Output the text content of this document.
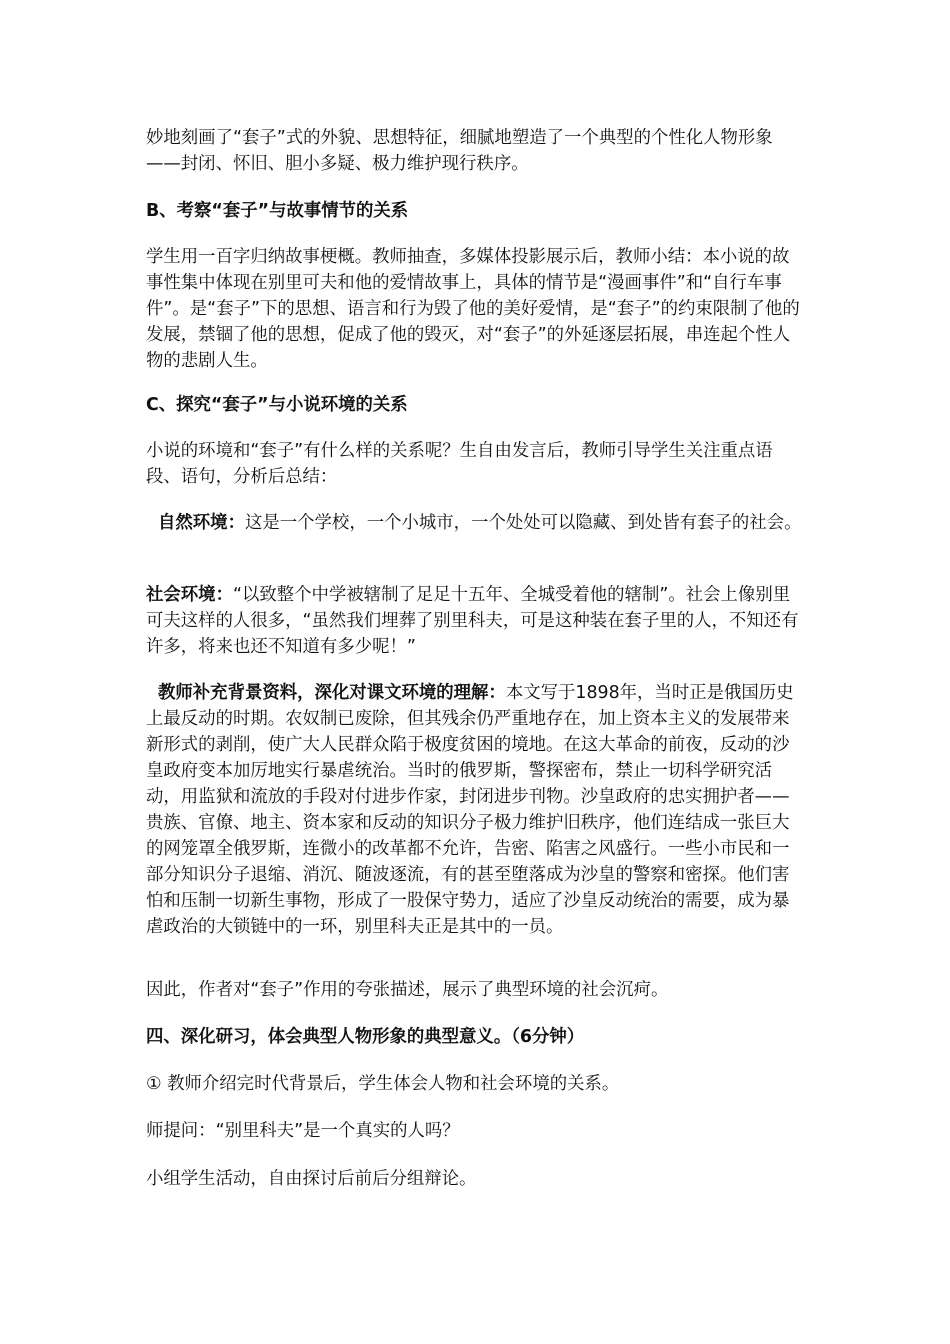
妙地刻画了“套子”式的外貌、思想特征，细腻地塑造了一个典型的个性化人物形象——封闭、怀旧、胆小多疑、极力维护现行秩序。

B、考察“套子”与故事情节的关系

学生用一百字归纳故事梗概。教师抽查，多媒体投影展示后，教师小结：本小说的故事性集中体现在别里可夫和他的爱情故事上，具体的情节是“漫画事件”和“自行车事件”。是“套子”下的思想、语言和行为毁了他的美好爱情，是“套子”的约束限制了他的发展，禁锢了他的思想，促成了他的毁灭，对“套子”的外延逐层拓展，串连起个性人物的悲剧人生。

C、探究“套子”与小说环境的关系

小说的环境和“套子”有什么样的关系呢？生自由发言后，教师引导学生关注重点语段、语句，分析后总结：

自然环境：这是一个学校，一个小城市，一个处处可以隐藏、到处皆有套子的社会。

社会环境：“以致整个中学被辖制了足足十五年、全城受着他的辖制”。社会上像别里可夫这样的人很多，“虽然我们埋葬了别里科夫，可是这种装在套子里的人，不知还有许多，将来也还不知道有多少呢！”

教师补充背景资料，深化对课文环境的理解：本文写于1898年，当时正是俄国历史上最反动的时期。农奴制已废除，但其残余仍严重地存在，加上资本主义的发展带来新形式的剥削，使广大人民群众陷于极度贫困的境地。在这大革命的前夜，反动的沙皇政府变本加厉地实行暴虐统治。当时的俄罗斯，警探密布，禁止一切科学研究活动，用监狱和流放的手段对付进步作家，封闭进步刊物。沙皇政府的忠实拥护者——贵族、官僚、地主、资本家和反动的知识分子极力维护旧秩序，他们连结成一张巨大的网笼罩全俄罗斯，连微小的改革都不允许，告密、陷害之风盛行。一些小市民和一部分知识分子退缩、消沉、随波逐流，有的甚至堕落成为沙皇的警察和密探。他们害怕和压制一切新生事物，形成了一股保守势力，适应了沙皇反动统治的需要，成为暴虐政治的大锁链中的一环，别里科夫正是其中的一员。

因此，作者对“套子”作用的夸张描述，展示了典型环境的社会沉疴。

四、深化研习，体会典型人物形象的典型意义。（6分钟）

① 教师介绍完时代背景后，学生体会人物和社会环境的关系。

师提问：“别里科夫”是一个真实的人吗？

小组学生活动，自由探讨后前后分组辩论。
